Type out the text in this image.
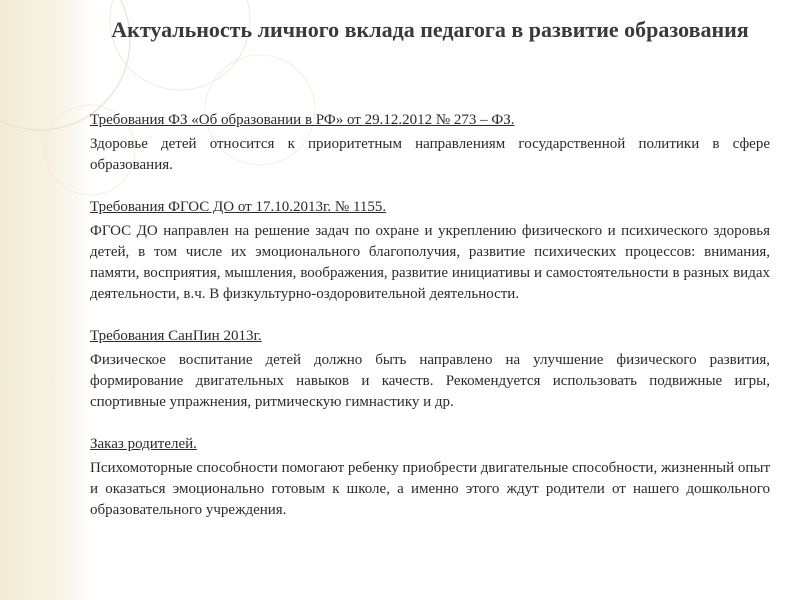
Актуальность личного вклада педагога в развитие образования
Требования ФЗ «Об образовании в РФ» от 29.12.2012 № 273 – ФЗ.

Здоровье детей относится к приоритетным направлениям государственной политики в сфере образования.

Требования ФГОС ДО от 17.10.2013г. № 1155.

ФГОС ДО направлен на решение задач по охране и укреплению физического и психического здоровья детей, в том числе их эмоционального благополучия, развитие психических процессов: внимания, памяти, восприятия, мышления, воображения, развитие инициативы и самостоятельности в разных видах деятельности, в.ч. В физкультурно-оздоровительной деятельности.

Требования СанПин 2013г.

Физическое воспитание детей должно быть направлено на улучшение физического развития, формирование двигательных навыков и качеств. Рекомендуется использовать подвижные игры, спортивные упражнения, ритмическую гимнастику и др.

Заказ родителей.

Психомоторные способности помогают ребенку приобрести двигательные способности, жизненный опыт и оказаться эмоционально готовым к школе, а именно этого ждут родители от нашего дошкольного образовательного учреждения.
